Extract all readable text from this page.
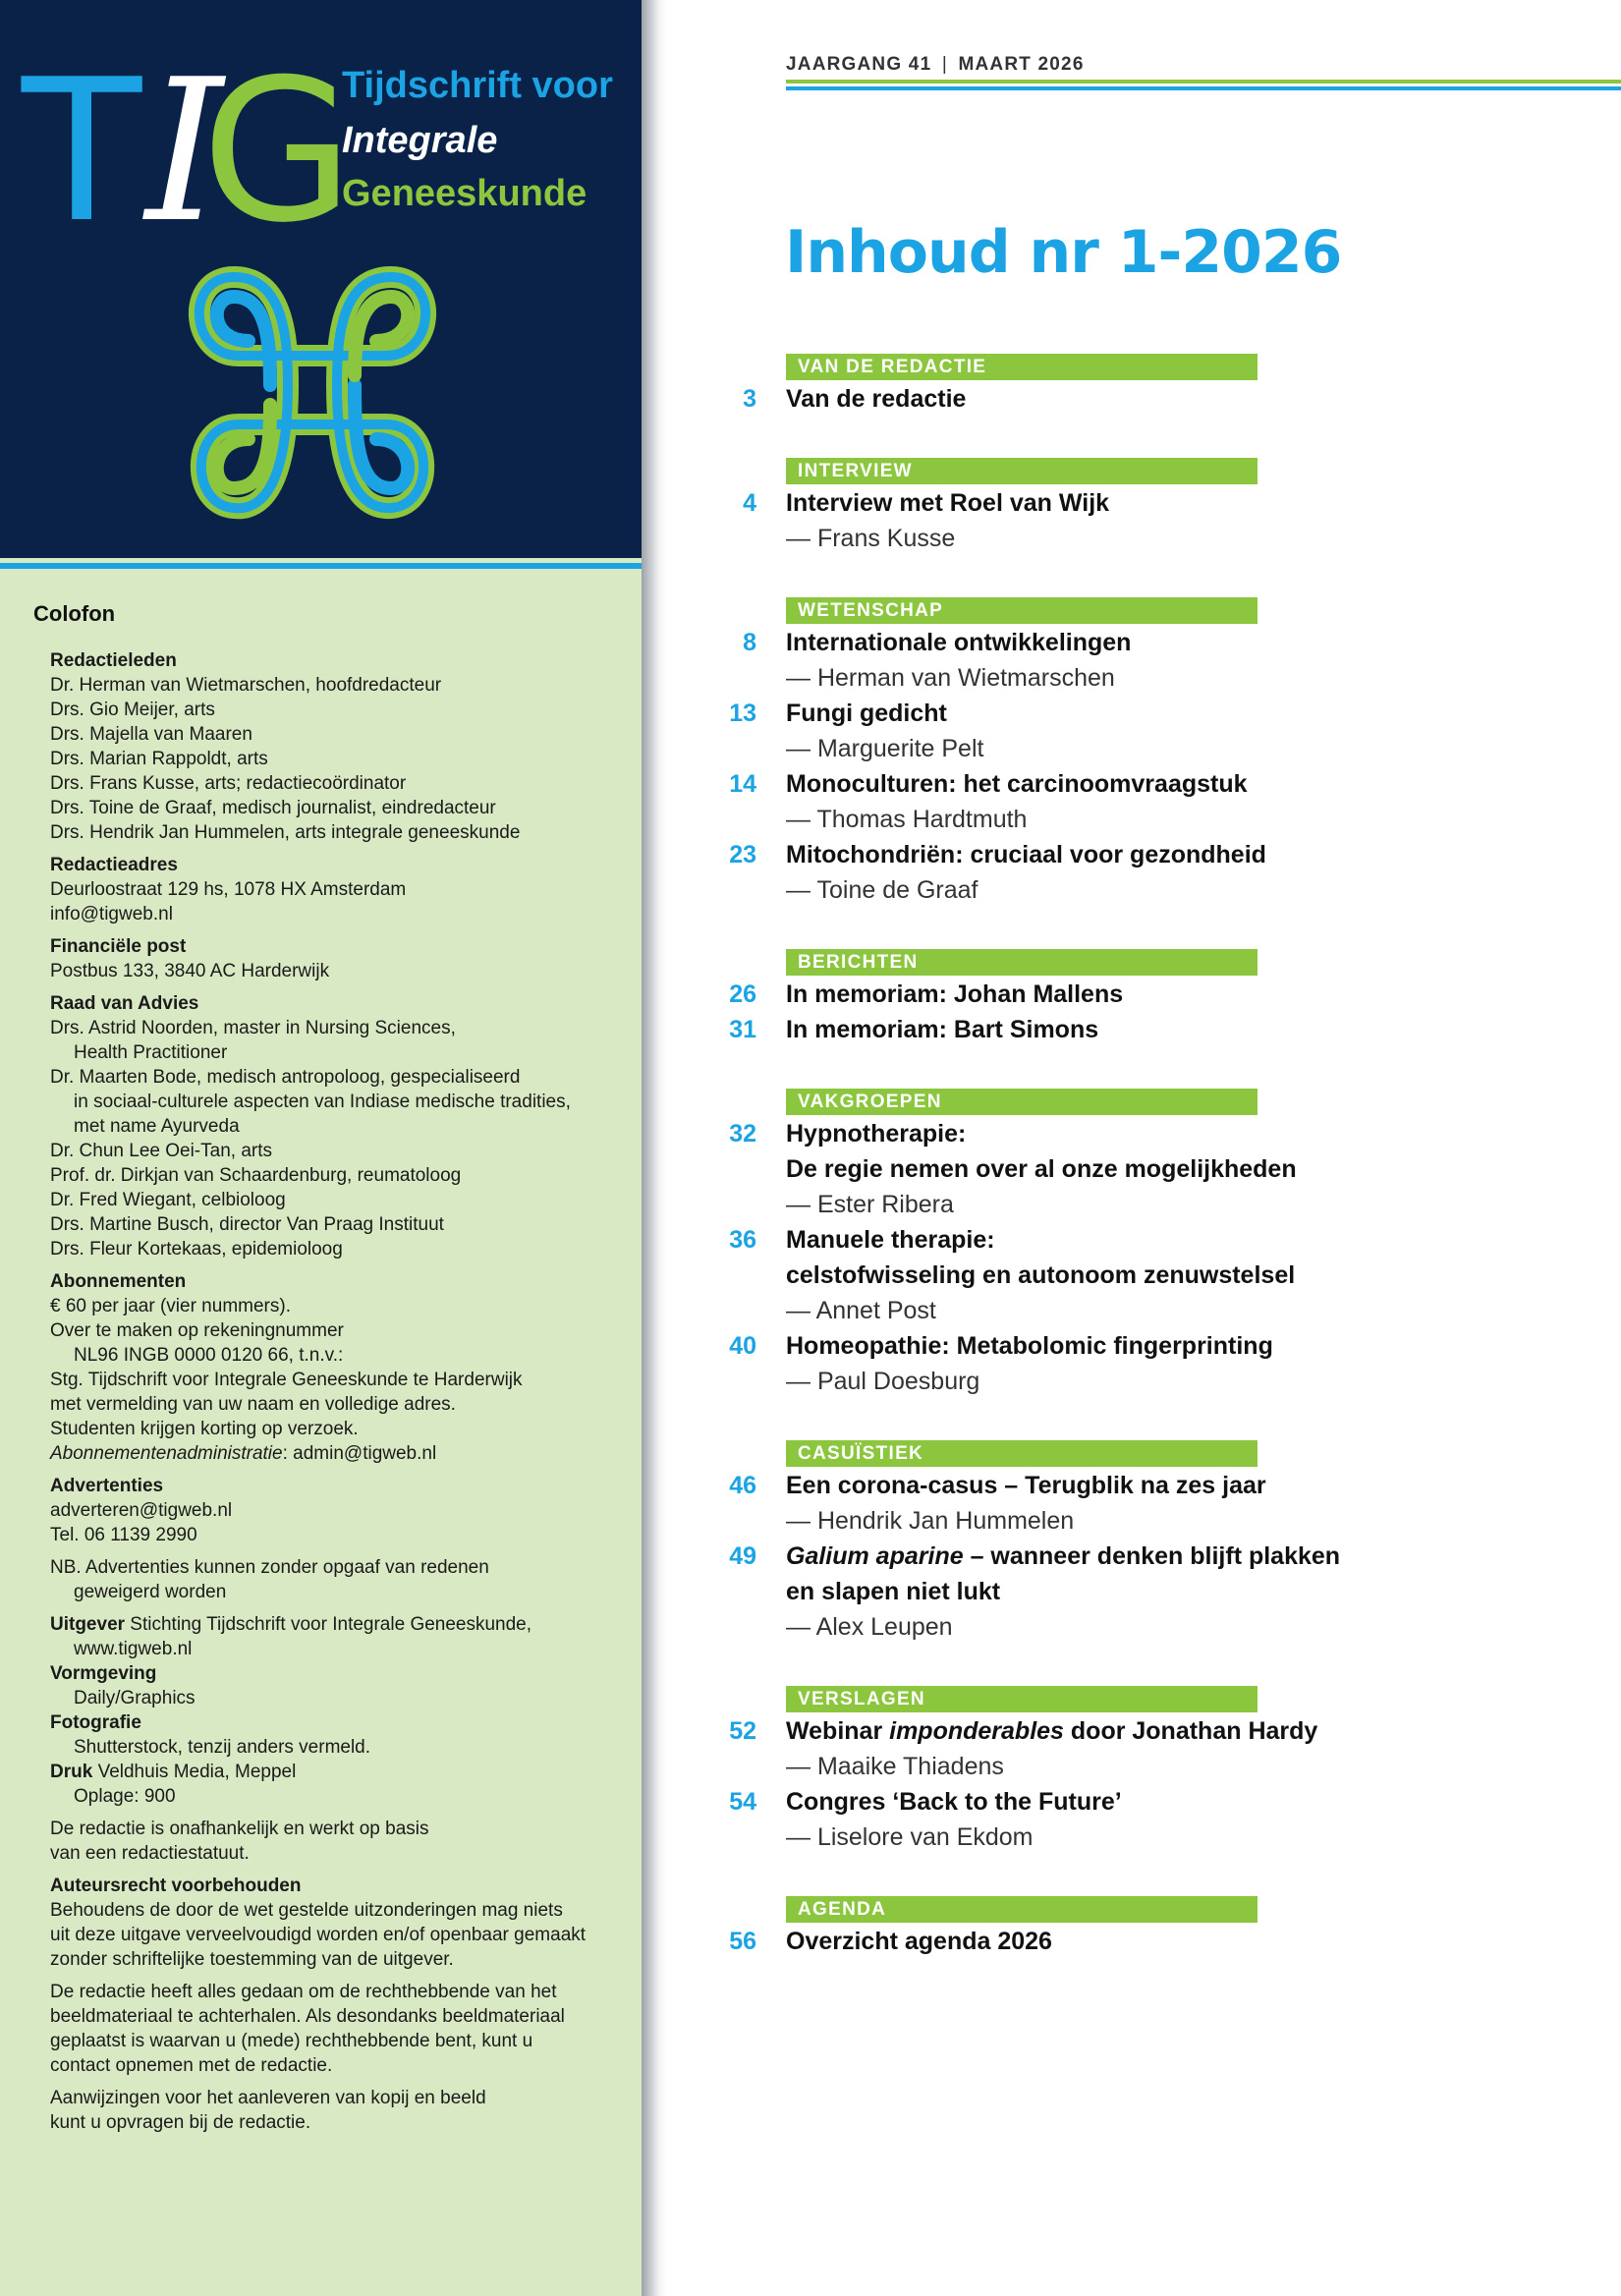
T I
G
Tijdschrift voor
Integrale
Geneeskunde
Colofon

Redactieleden

Dr. Herman van Wietmarschen, hoofdredacteur

Drs. Gio Meijer, arts

Drs. Majella van Maaren

Drs. Marian Rappoldt, arts

Drs. Frans Kusse, arts; redactiecoördinator

Drs. Toine de Graaf, medisch journalist, eindredacteur

Drs. Hendrik Jan Hummelen, arts integrale geneeskunde

Redactieadres

Deurloostraat 129 hs, 1078 HX Amsterdam

info@tigweb.nl

Financiële post

Postbus 133, 3840 AC Harderwijk

Raad van Advies

Drs. Astrid Noorden, master in Nursing Sciences,

Health Practitioner

Dr. Maarten Bode, medisch antropoloog, gespecialiseerd

in sociaal-culturele aspecten van Indiase medische tradities,

met name Ayurveda

Dr. Chun Lee Oei-Tan, arts

Prof. dr. Dirkjan van Schaardenburg, reumatoloog

Dr. Fred Wiegant, celbioloog

Drs. Martine Busch, director Van Praag Instituut

Drs. Fleur Kortekaas, epidemioloog

Abonnementen

€ 60 per jaar (vier nummers).

Over te maken op rekeningnummer

NL96 INGB 0000 0120 66, t.n.v.:

Stg. Tijdschrift voor Integrale Geneeskunde te Harderwijk

met vermelding van uw naam en volledige adres.

Studenten krijgen korting op verzoek.

Abonnementenadministratie: admin@tigweb.nl

Advertenties

adverteren@tigweb.nl

Tel. 06 1139 2990

NB. Advertenties kunnen zonder opgaaf van redenen

geweigerd worden

Uitgever Stichting Tijdschrift voor Integrale Geneeskunde,

www.tigweb.nl

Vormgeving

Daily/Graphics

Fotografie

Shutterstock, tenzij anders vermeld.

Druk Veldhuis Media, Meppel

Oplage: 900

De redactie is onafhankelijk en werkt op basis

van een redactiestatuut.

Auteursrecht voorbehouden

Behoudens de door de wet gestelde uitzonderingen mag niets

uit deze uitgave verveelvoudigd worden en/of openbaar gemaakt

zonder schriftelijke toestemming van de uitgever.

De redactie heeft alles gedaan om de rechthebbende van het

beeldmateriaal te achterhalen. Als desondanks beeldmateriaal

geplaatst is waarvan u (mede) rechthebbende bent, kunt u

contact opnemen met de redactie.

Aanwijzingen voor het aanleveren van kopij en beeld

kunt u opvragen bij de redactie.

JAARGANG 41 | MAART 2026
Inhoud nr 1-2026
VAN DE REDACTIE
3 Van de redactie
INTERVIEW
4 Interview met Roel van Wijk
— Frans Kusse
WETENSCHAP
8 Internationale ontwikkelingen
— Herman van Wietmarschen
13 Fungi gedicht
— Marguerite Pelt
14 Monoculturen: het carcinoomvraagstuk
— Thomas Hardtmuth
23 Mitochondriën: cruciaal voor gezondheid
— Toine de Graaf
BERICHTEN
26 In memoriam: Johan Mallens
31 In memoriam: Bart Simons
VAKGROEPEN
32 Hypnotherapie:
De regie nemen over al onze mogelijkheden
— Ester Ribera
36 Manuele therapie:
celstofwisseling en autonoom zenuwstelsel
— Annet Post
40 Homeopathie: Metabolomic fingerprinting
— Paul Doesburg
CASUÏSTIEK
46 Een corona-casus – Terugblik na zes jaar
— Hendrik Jan Hummelen
49 Galium aparine – wanneer denken blijft plakken
en slapen niet lukt
— Alex Leupen
VERSLAGEN
52 Webinar imponderables door Jonathan Hardy
— Maaike Thiadens
54 Congres ‘Back to the Future’
— Liselore van Ekdom
AGENDA
56 Overzicht agenda 2026
